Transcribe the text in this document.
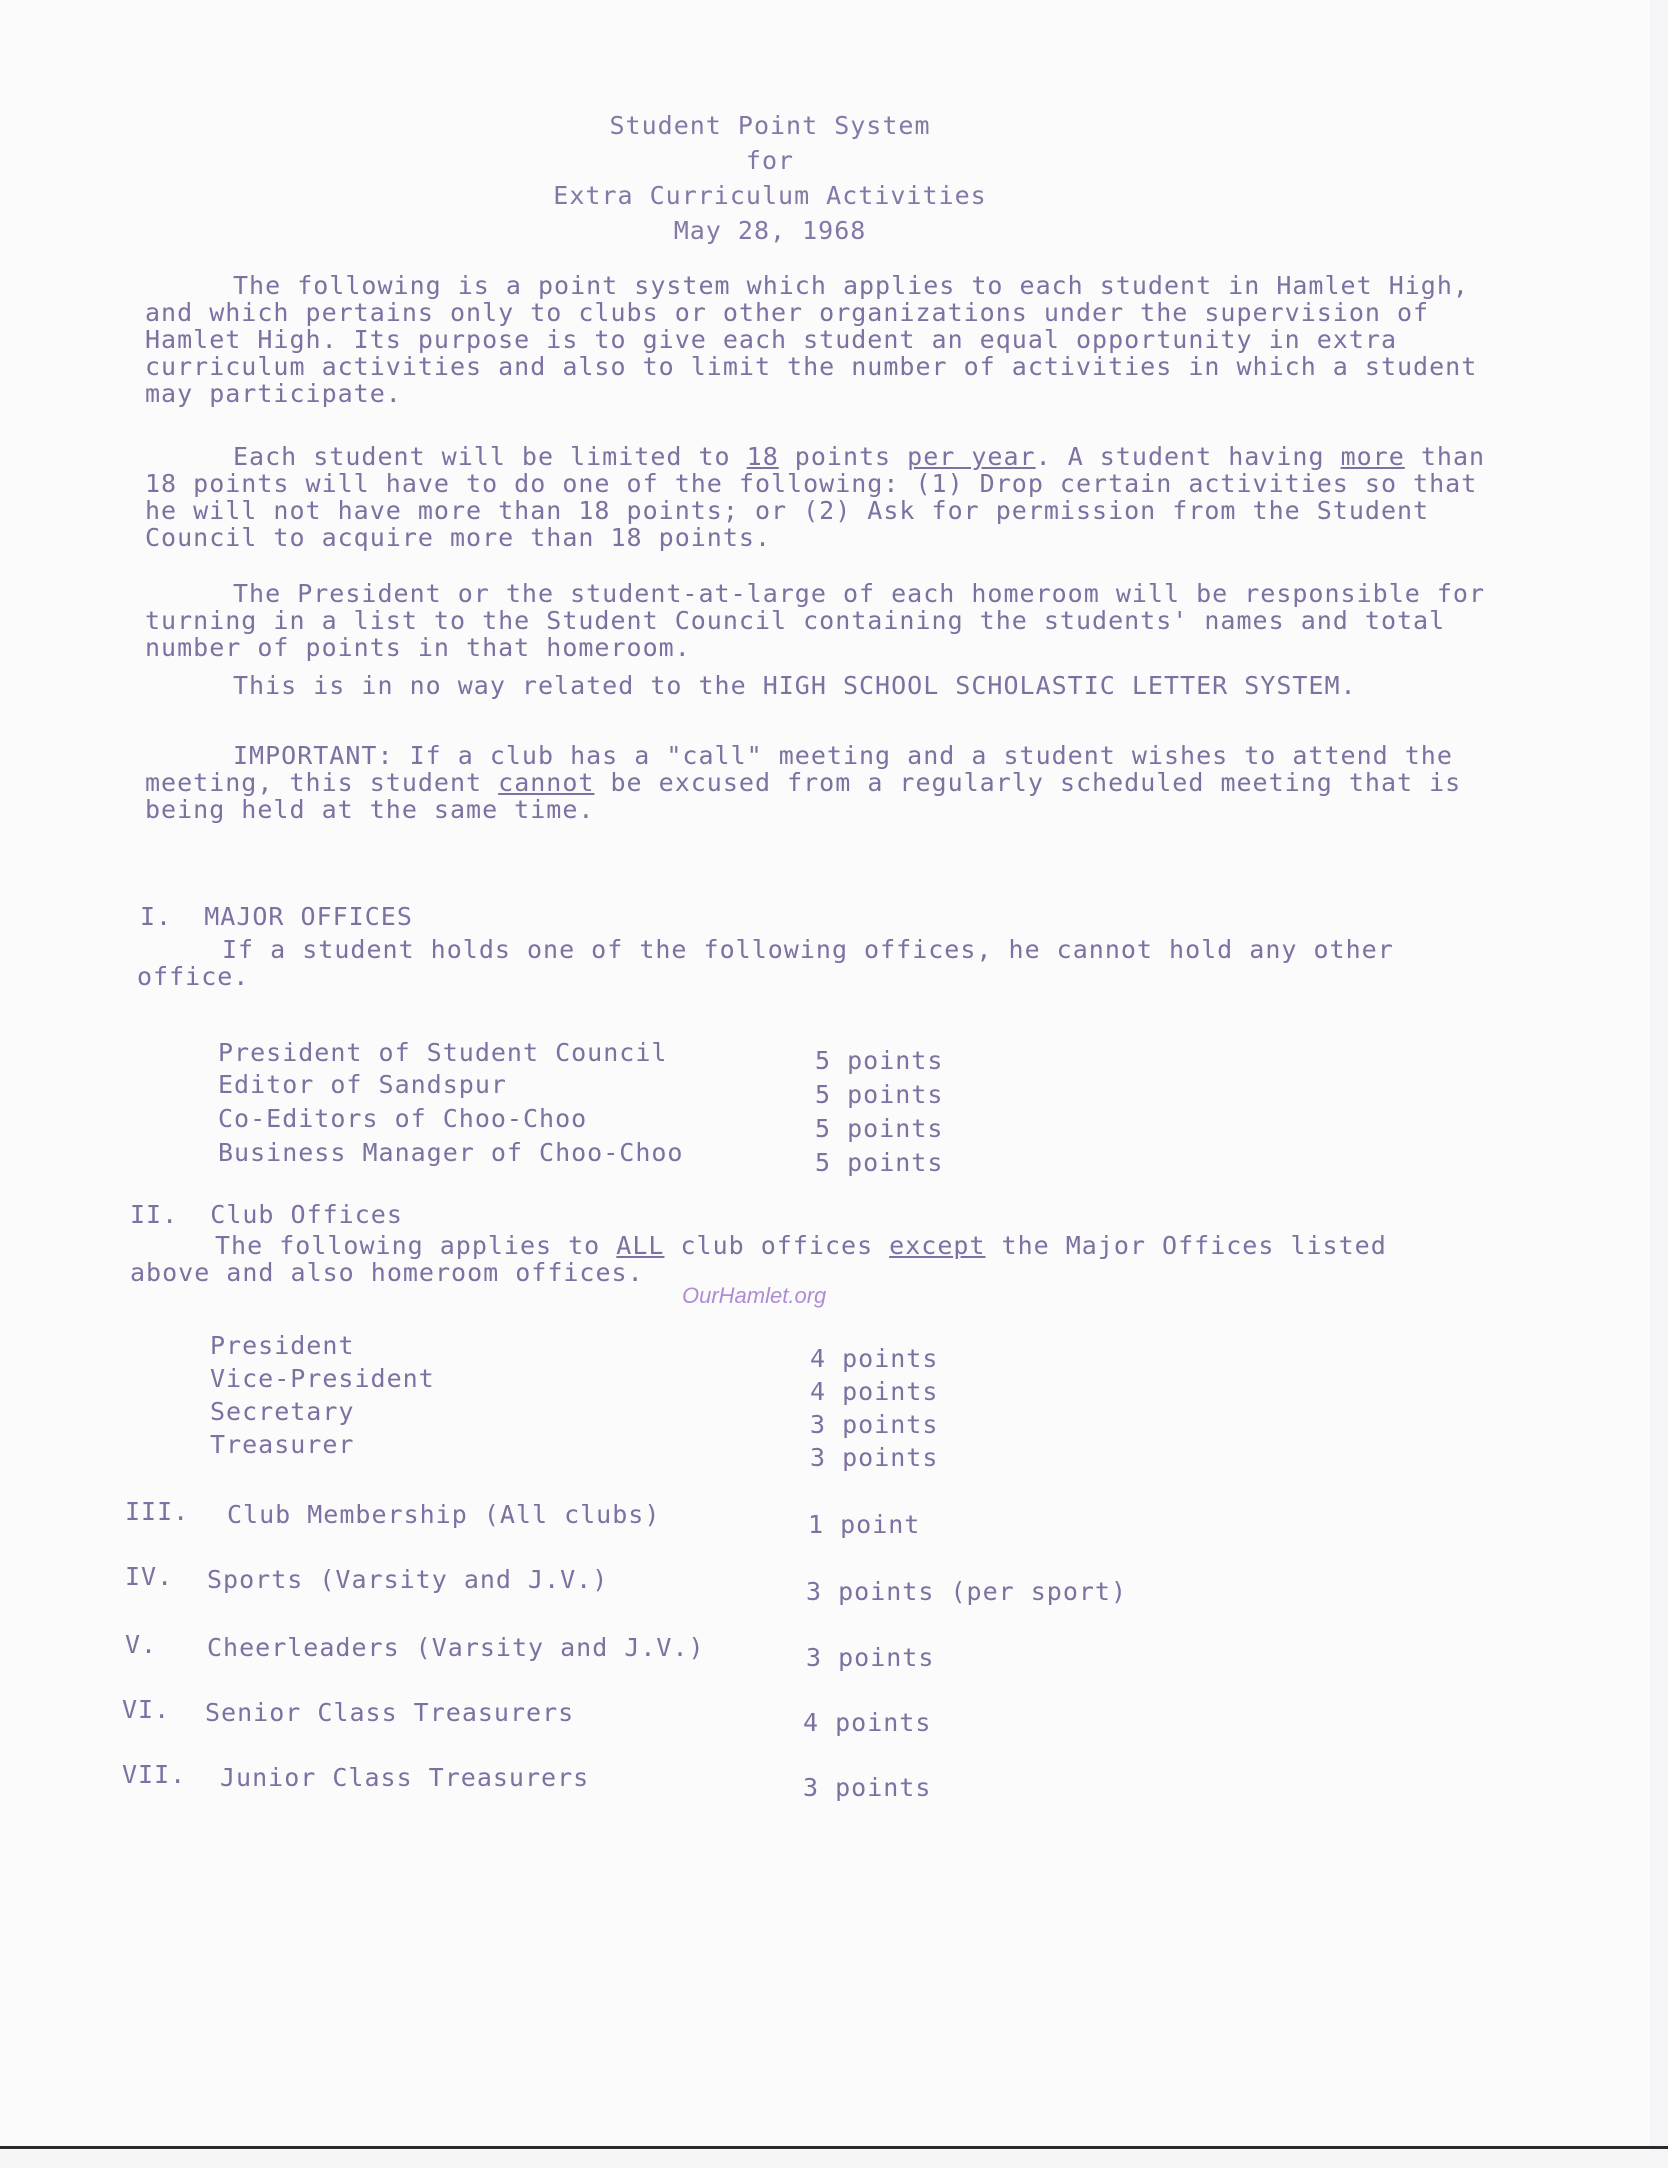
Student Point System
for
Extra Curriculum Activities
May 28, 1968

The following is a point system which applies to each student in Hamlet High, and which pertains only to clubs or other organizations under the supervision of Hamlet High. Its purpose is to give each student an equal opportunity in extra curriculum activities and also to limit the number of activities in which a student may participate.

Each student will be limited to 18 points per year. A student having more than 18 points will have to do one of the following: (1) Drop certain activities so that he will not have more than 18 points; or (2) Ask for permission from the Student Council to acquire more than 18 points.

The President or the student-at-large of each homeroom will be responsible for turning in a list to the Student Council containing the students' names and total number of points in that homeroom.

This is in no way related to the HIGH SCHOOL SCHOLASTIC LETTER SYSTEM.

IMPORTANT: If a club has a "call" meeting and a student wishes to attend the meeting, this student cannot be excused from a regularly scheduled meeting that is being held at the same time.

I. MAJOR OFFICES
If a student holds one of the following offices, he cannot hold any other office.
President of Student Council	5 points
Editor of Sandspur	5 points
Co-Editors of Choo-Choo	5 points
Business Manager of Choo-Choo	5 points
II. Club Offices
The following applies to ALL club offices except the Major Offices listed above and also homeroom offices.
OurHamlet.org
President	4 points
Vice-President	4 points
Secretary	3 points
Treasurer	3 points
III. Club Membership (All clubs)	1 point
IV. Sports (Varsity and J.V.)	3 points (per sport)
V. Cheerleaders (Varsity and J.V.)	3 points
VI. Senior Class Treasurers	4 points
VII. Junior Class Treasurers	3 points
